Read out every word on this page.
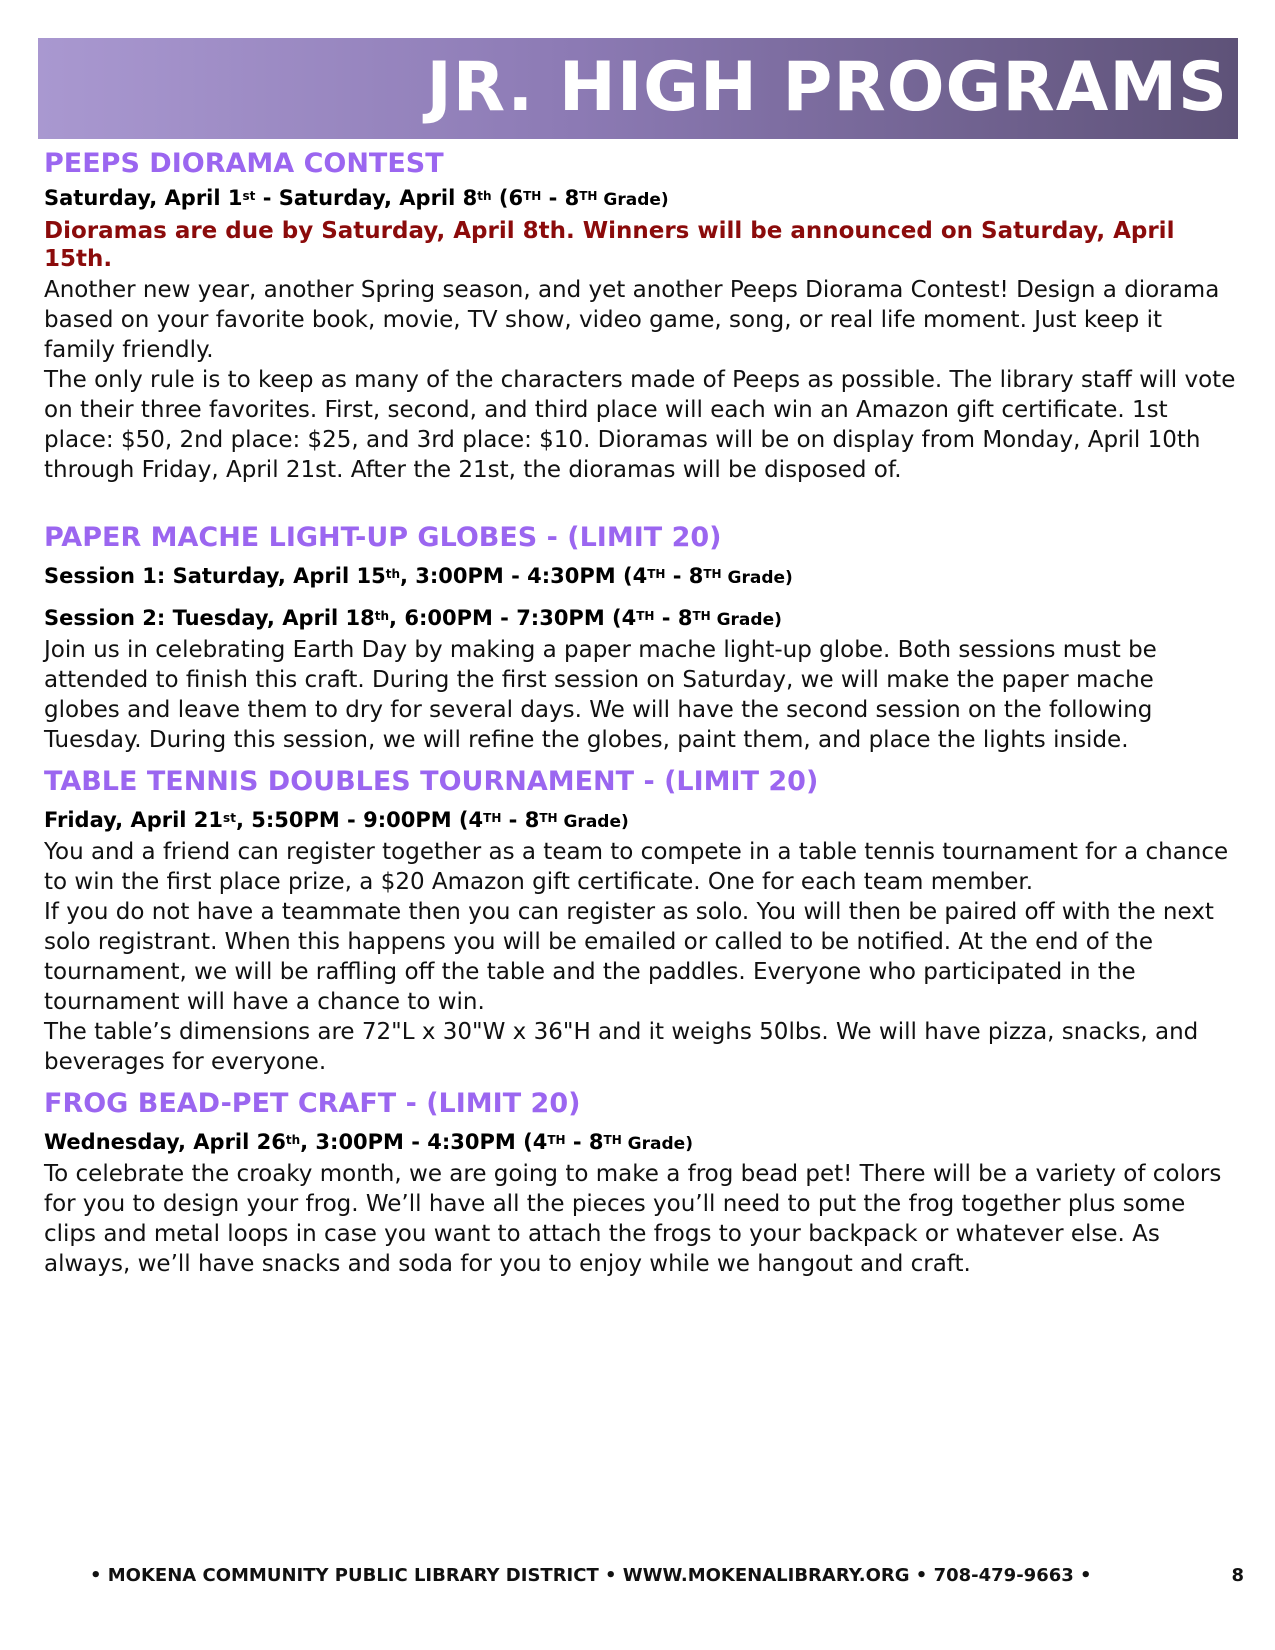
JR. HIGH PROGRAMS
PEEPS DIORAMA CONTEST
Saturday, April 1st - Saturday, April 8th (6TH - 8TH Grade)

Dioramas are due by Saturday, April 8th. Winners will be announced on Saturday, April 15th.

Another new year, another Spring season, and yet another Peeps Diorama Contest! Design a diorama based on your favorite book, movie, TV show, video game, song, or real life moment. Just keep it family friendly.

The only rule is to keep as many of the characters made of Peeps as possible. The library staff will vote on their three favorites. First, second, and third place will each win an Amazon gift certificate. 1st place: $50, 2nd place: $25, and 3rd place: $10. Dioramas will be on display from Monday, April 10th through Friday, April 21st. After the 21st, the dioramas will be disposed of.

PAPER MACHE LIGHT-UP GLOBES - (LIMIT 20)
Session 1: Saturday, April 15th, 3:00PM - 4:30PM (4TH - 8TH Grade)
Session 2: Tuesday, April 18th, 6:00PM - 7:30PM (4TH - 8TH Grade)

Join us in celebrating Earth Day by making a paper mache light-up globe. Both sessions must be attended to finish this craft. During the first session on Saturday, we will make the paper mache globes and leave them to dry for several days. We will have the second session on the following Tuesday. During this session, we will refine the globes, paint them, and place the lights inside.

TABLE TENNIS DOUBLES TOURNAMENT - (LIMIT 20)
Friday, April 21st, 5:50PM - 9:00PM (4TH - 8TH Grade)

You and a friend can register together as a team to compete in a table tennis tournament for a chance to win the first place prize, a $20 Amazon gift certificate. One for each team member.

If you do not have a teammate then you can register as solo. You will then be paired off with the next solo registrant. When this happens you will be emailed or called to be notified. At the end of the tournament, we will be raffling off the table and the paddles. Everyone who participated in the tournament will have a chance to win.

The table’s dimensions are 72"L x 30"W x 36"H and it weighs 50lbs. We will have pizza, snacks, and beverages for everyone.

FROG BEAD-PET CRAFT - (LIMIT 20)
Wednesday, April 26th, 3:00PM - 4:30PM (4TH - 8TH Grade)

To celebrate the croaky month, we are going to make a frog bead pet! There will be a variety of colors for you to design your frog. We’ll have all the pieces you’ll need to put the frog together plus some clips and metal loops in case you want to attach the frogs to your backpack or whatever else. As always, we’ll have snacks and soda for you to enjoy while we hangout and craft.

• MOKENA COMMUNITY PUBLIC LIBRARY DISTRICT • WWW.MOKENALIBRARY.ORG • 708-479-9663 •	8
